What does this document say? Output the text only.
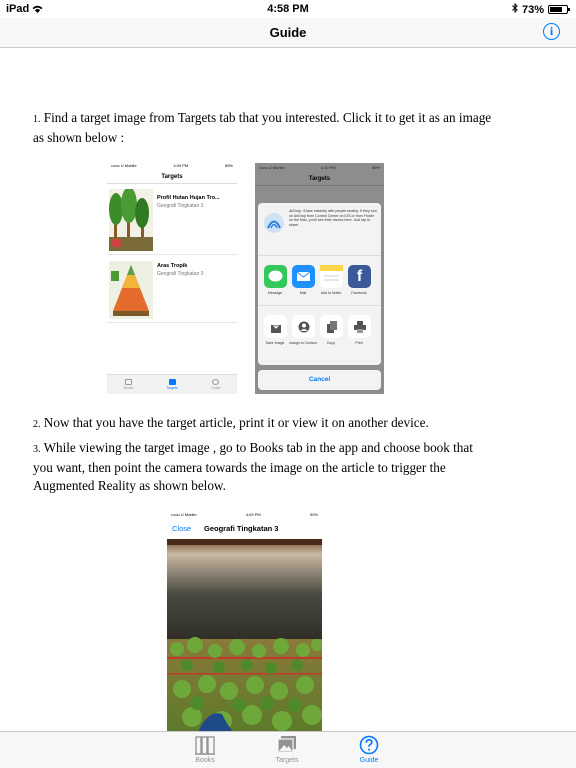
iPad	4:58 PM	73%
Guide	i
1. Find a target image from Targets tab that you interested. Click it to get it as an image as shown below :
•••oo U Mobile	4:09 PM	89%
Targets
Profil Hutan Hujan Tro...
Geografi Tingkatan 3
Aras Tropik
Geografi Tingkatan 3
Books	Targets	Guide
•••oo U Mobile	4:10 PM	89%
Targets
AirDrop. Share instantly with people nearby. If they turn on AirDrop from Control Center on iOS or from Finder on the Mac, you'll see their names here. Just tap to share.
f
Message	Mail	Add to Notes	Facebook
Save Image	Assign to Contact	Copy	Print
Cancel
2. Now that you have the target article, print it or view it on another device.
3. While viewing the target image , go to Books tab in the app and choose book that you want, then point the camera towards the image on the article to trigger the Augmented Reality as shown below.
•••oo U Mobile	4:09 PM	90%
Close Geografi Tingkatan 3
Books	Targets	Guide
